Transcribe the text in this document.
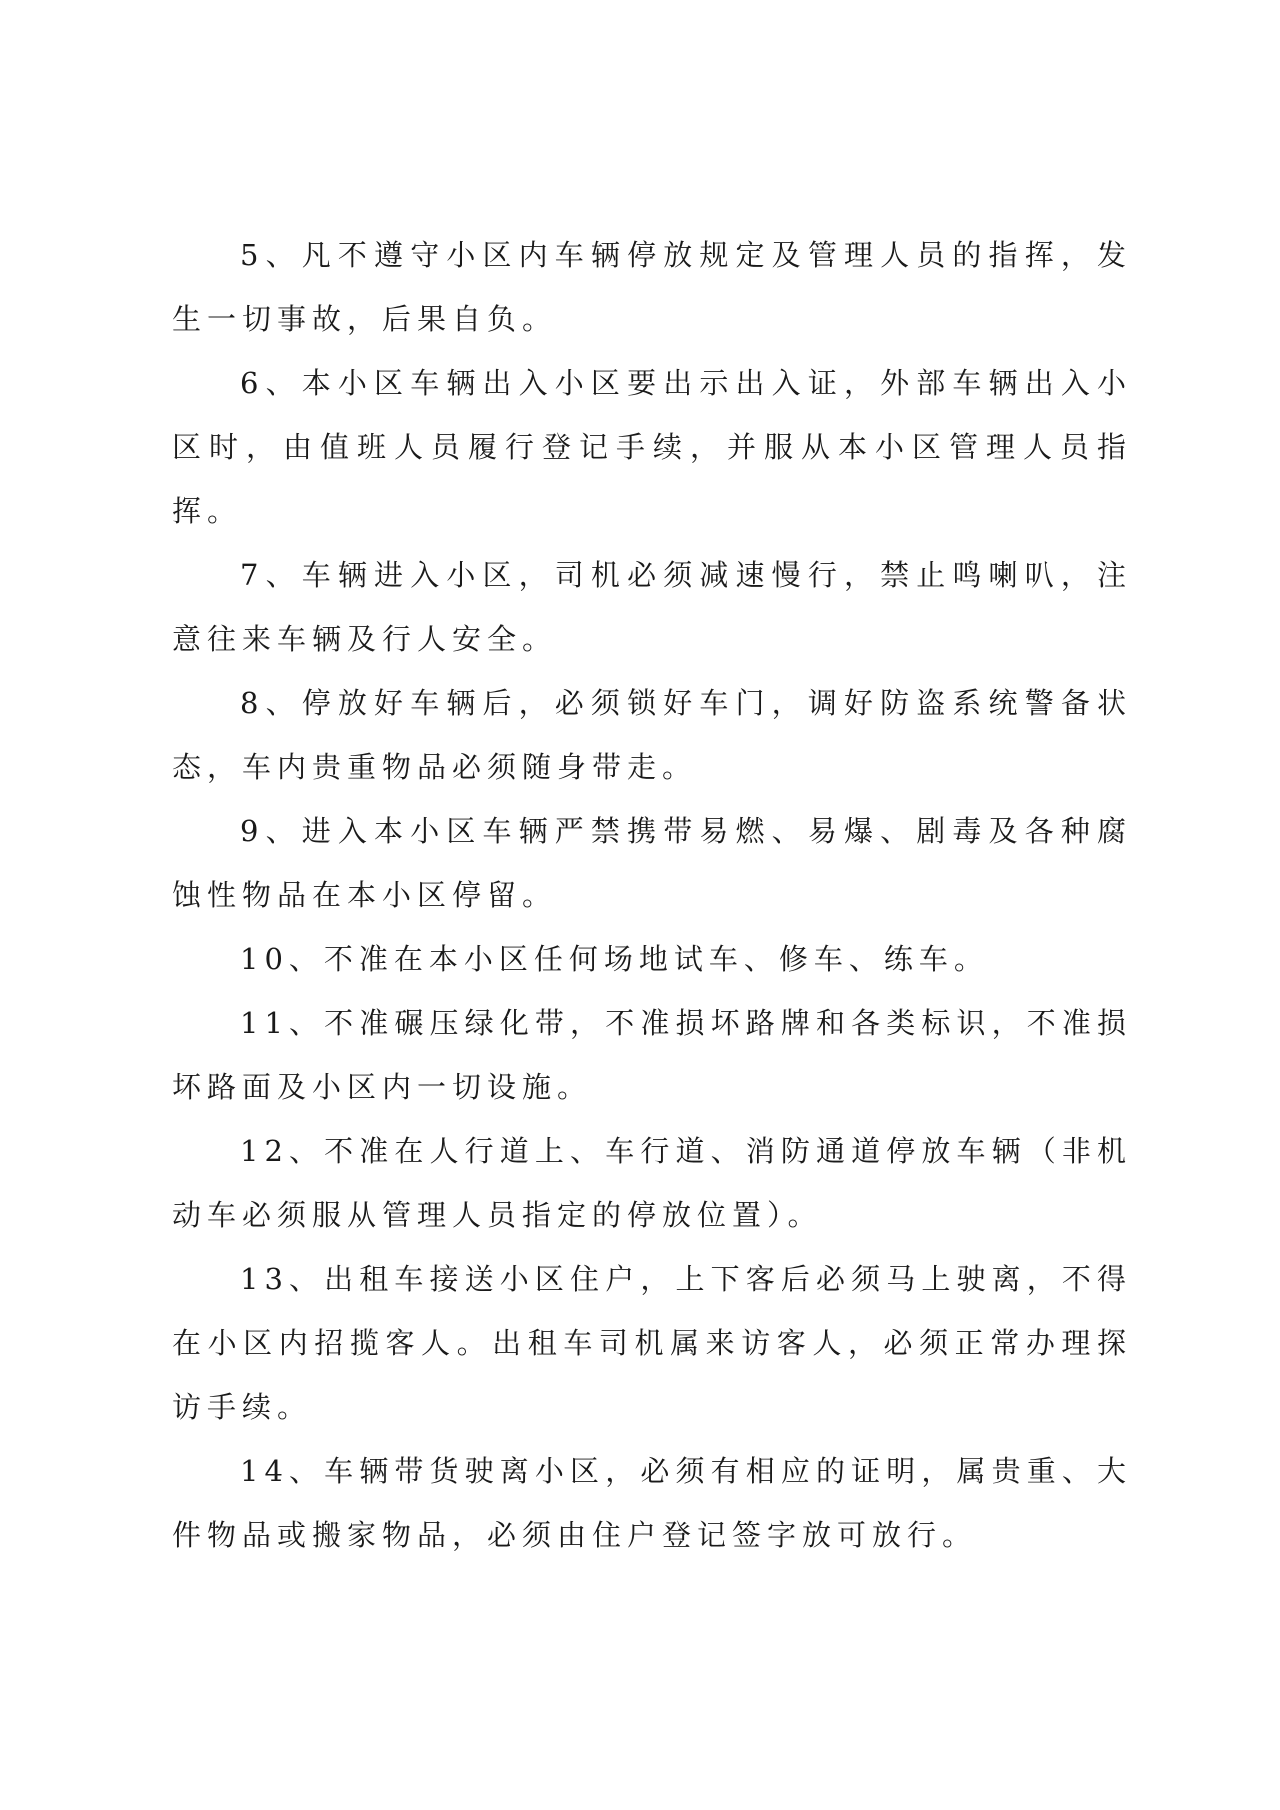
5、凡不遵守小区内车辆停放规定及管理人员的指挥，发生一切事故，后果自负。

6、本小区车辆出入小区要出示出入证，外部车辆出入小区时，由值班人员履行登记手续，并服从本小区管理人员指挥。

7、车辆进入小区，司机必须减速慢行，禁止鸣喇叭，注意往来车辆及行人安全。

8、停放好车辆后，必须锁好车门，调好防盗系统警备状态，车内贵重物品必须随身带走。

9、进入本小区车辆严禁携带易燃、易爆、剧毒及各种腐蚀性物品在本小区停留。

10、不准在本小区任何场地试车、修车、练车。

11、不准碾压绿化带，不准损坏路牌和各类标识，不准损坏路面及小区内一切设施。

12、不准在人行道上、车行道、消防通道停放车辆（非机动车必须服从管理人员指定的停放位置）。

13、出租车接送小区住户，上下客后必须马上驶离，不得在小区内招揽客人。出租车司机属来访客人，必须正常办理探访手续。

14、车辆带货驶离小区，必须有相应的证明，属贵重、大件物品或搬家物品，必须由住户登记签字放可放行。
